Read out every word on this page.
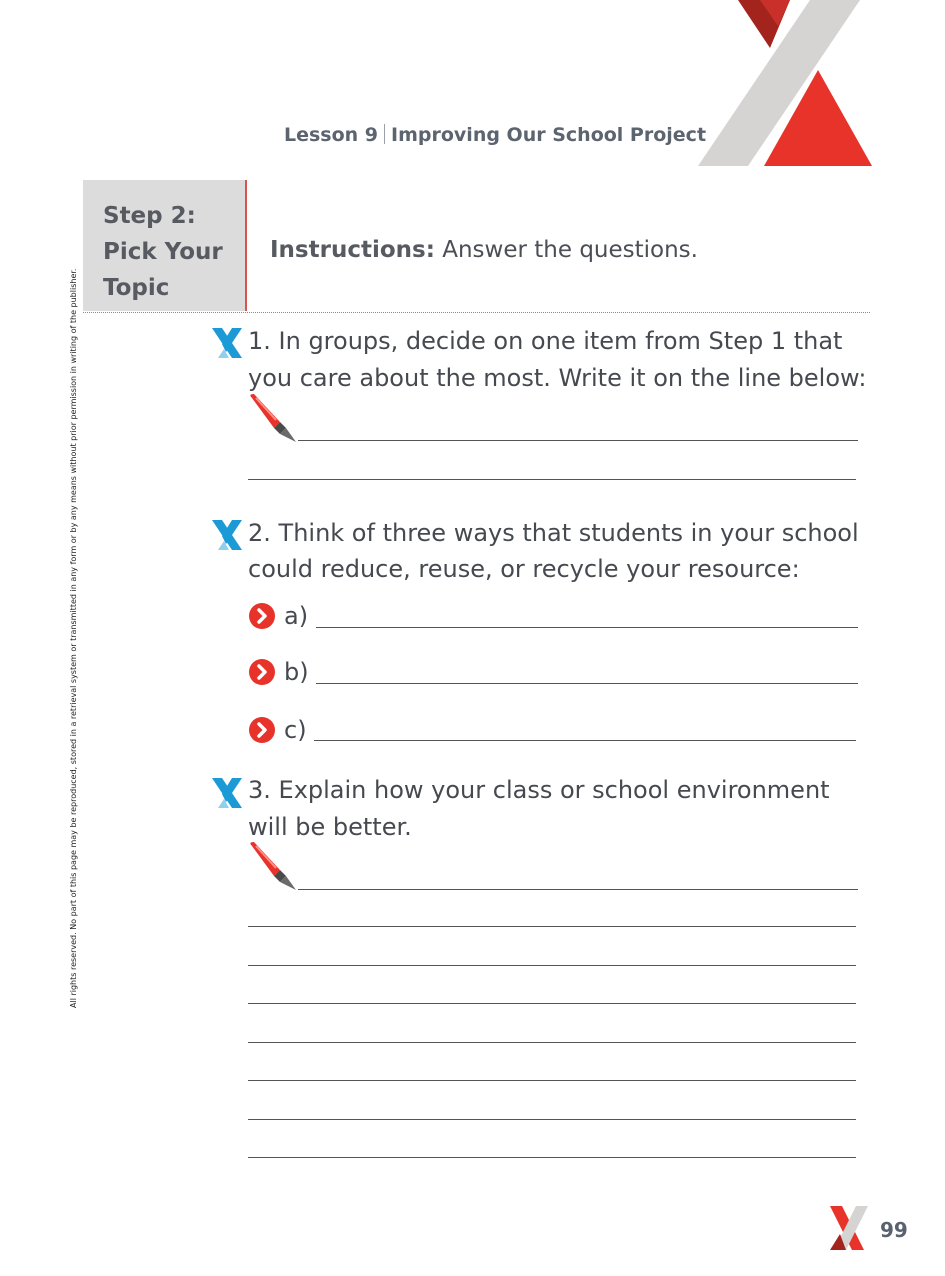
Lesson 9 Improving Our School Project
Step 2:
Pick Your
Topic
Instructions: Answer the questions.
All rights reserved. No part of this page may be reproduced, stored in a retrieval system or transmitted in any form or by any means without prior permission in writing of the publisher.	1. In groups, decide on one item from Step 1 that
you care about the most. Write it on the line below:
2. Think of three ways that students in your school
could reduce, reuse, or recycle your resource:
a)
b)
c)
3. Explain how your class or school environment
will be better.
99
